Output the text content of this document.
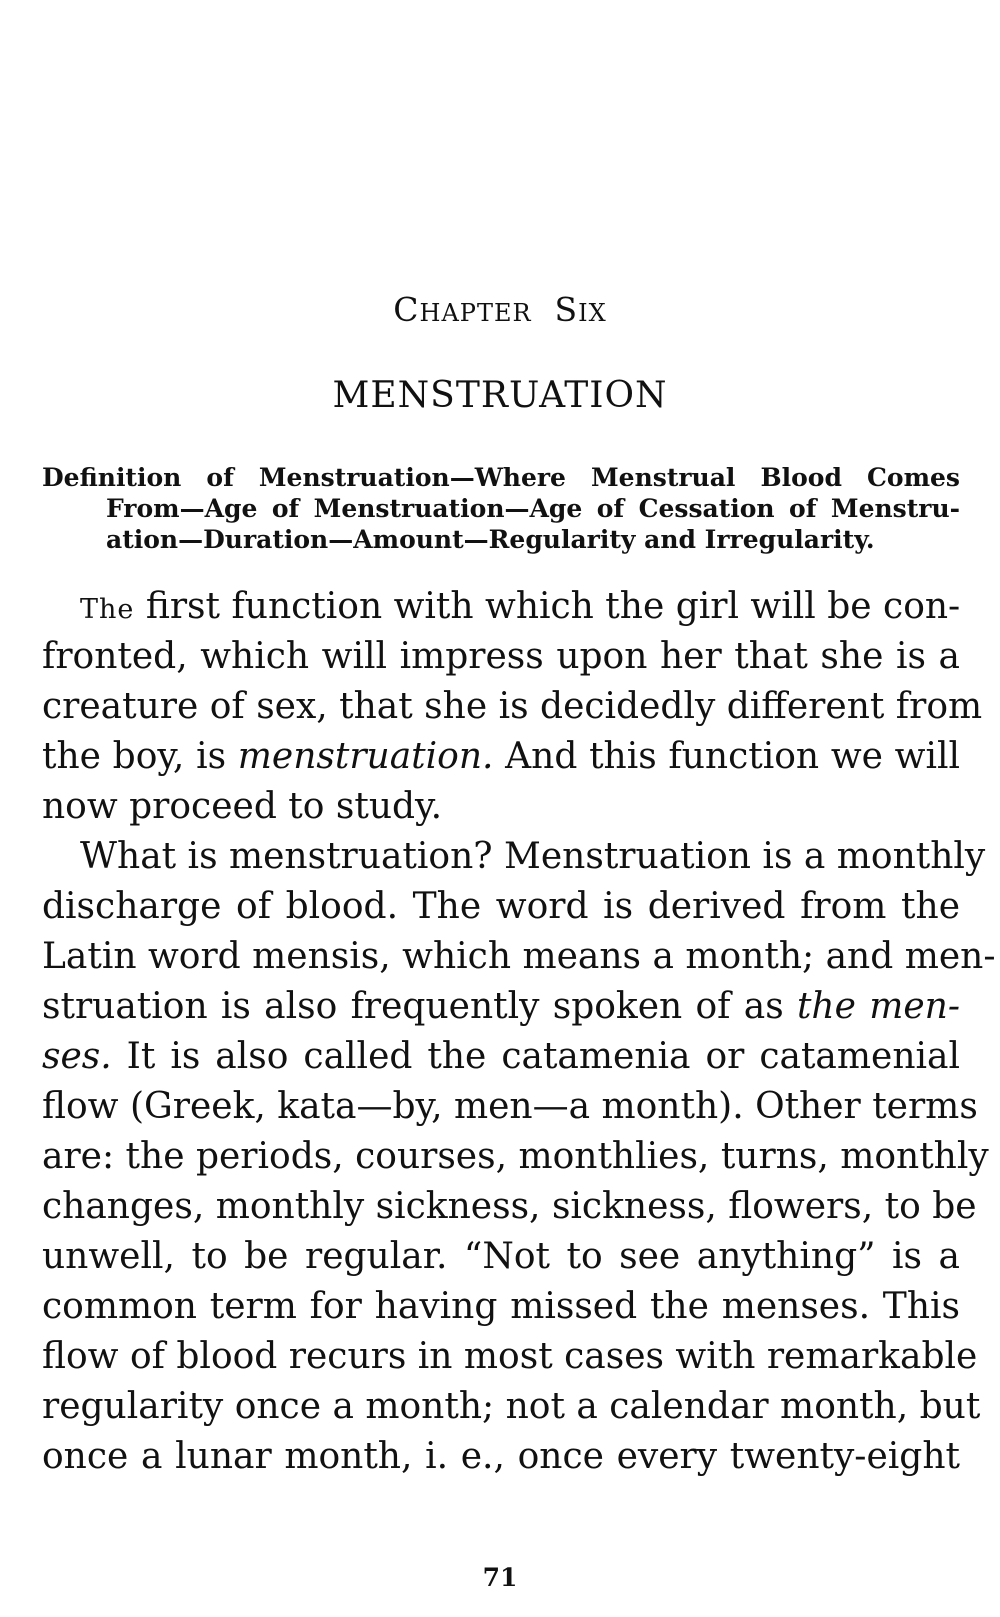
CHAPTER SIX
MENSTRUATION
Definition of Menstruation—Where Menstrual Blood Comes
From—Age of Menstruation—Age of Cessation of Menstru-
ation—Duration—Amount—Regularity and Irregularity.
The first function with which the girl will be con-
fronted, which will impress upon her that she is a
creature of sex, that she is decidedly different from
the boy, is menstruation. And this function we will
now proceed to study.
What is menstruation? Menstruation is a monthly
discharge of blood. The word is derived from the
Latin word mensis, which means a month; and men-
struation is also frequently spoken of as the men-
ses. It is also called the catamenia or catamenial
flow (Greek, kata—by, men—a month). Other terms
are: the periods, courses, monthlies, turns, monthly
changes, monthly sickness, sickness, flowers, to be
unwell, to be regular. “Not to see anything” is a
common term for having missed the menses. This
flow of blood recurs in most cases with remarkable
regularity once a month; not a calendar month, but
once a lunar month, i. e., once every twenty-eight
71
